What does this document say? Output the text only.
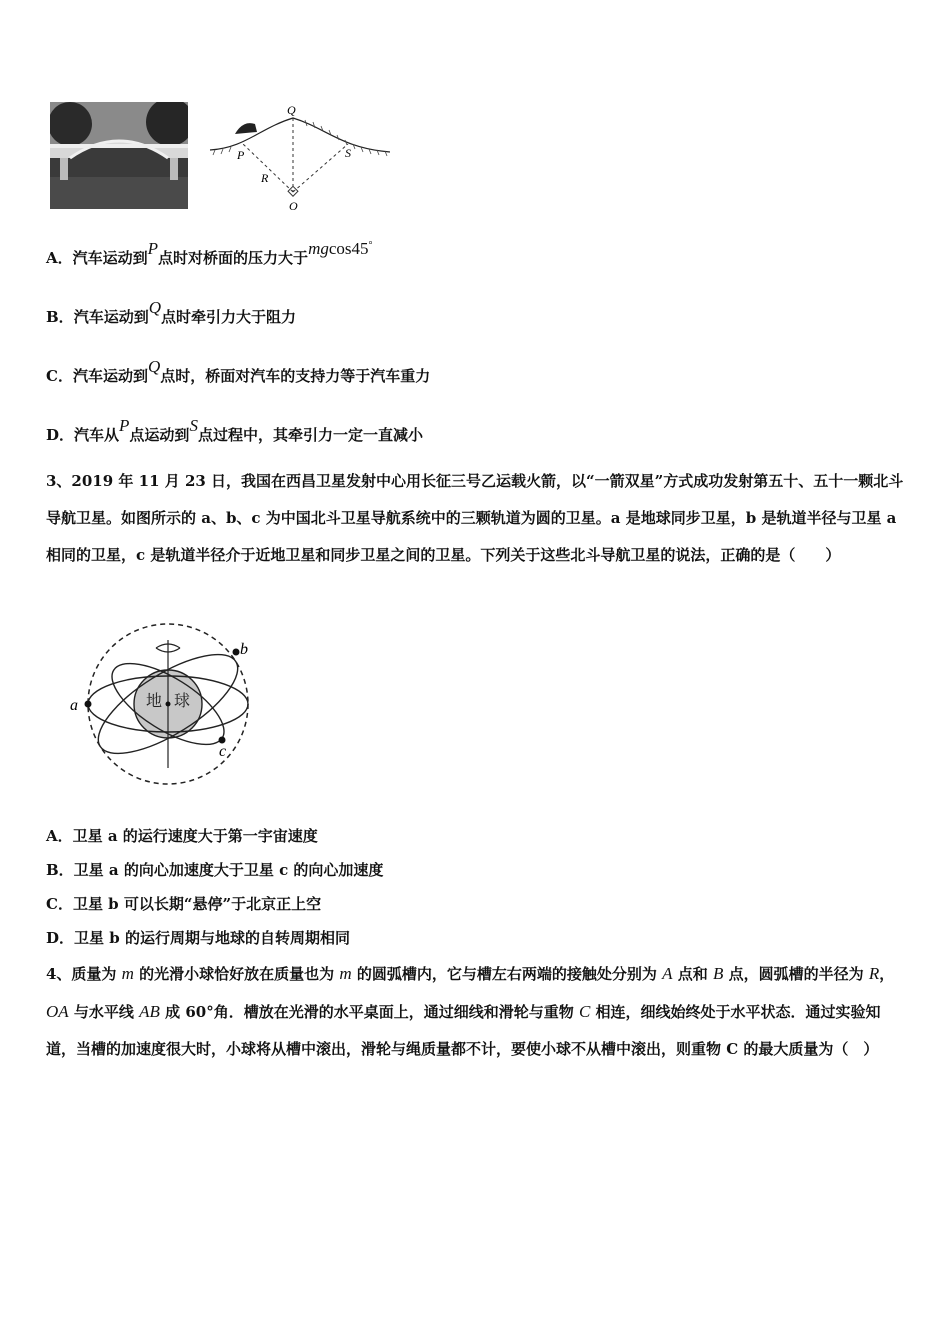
Q
P	S
R
O
A．汽车运动到P点时对桥面的压力大于mgcos45°
B．汽车运动到Q点时牵引力大于阻力
C．汽车运动到Q点时，桥面对汽车的支持力等于汽车重力
D．汽车从P点运动到S点过程中，其牵引力一定一直减小
3、2019 年 11 月 23 日，我国在西昌卫星发射中心用长征三号乙运载火箭，以“一箭双星”方式成功发射第五十、五十一颗北斗导航卫星。如图所示的 a、b、c 为中国北斗卫星导航系统中的三颗轨道为圆的卫星。a 是地球同步卫星，b 是轨道半径与卫星 a 相同的卫星，c 是轨道半径介于近地卫星和同步卫星之间的卫星。下列关于这些北斗导航卫星的说法，正确的是（　　）
地 球
a
b
c
A．卫星 a 的运行速度大于第一宇宙速度
B．卫星 a 的向心加速度大于卫星 c 的向心加速度
C．卫星 b 可以长期“悬停”于北京正上空
D．卫星 b 的运行周期与地球的自转周期相同
4、质量为 m 的光滑小球恰好放在质量也为 m 的圆弧槽内，它与槽左右两端的接触处分别为 A 点和 B 点，圆弧槽的半径为 R，OA 与水平线 AB 成 60°角．槽放在光滑的水平桌面上，通过细线和滑轮与重物 C 相连，细线始终处于水平状态．通过实验知道，当槽的加速度很大时，小球将从槽中滚出，滑轮与绳质量都不计，要使小球不从槽中滚出，则重物 C 的最大质量为（　）
